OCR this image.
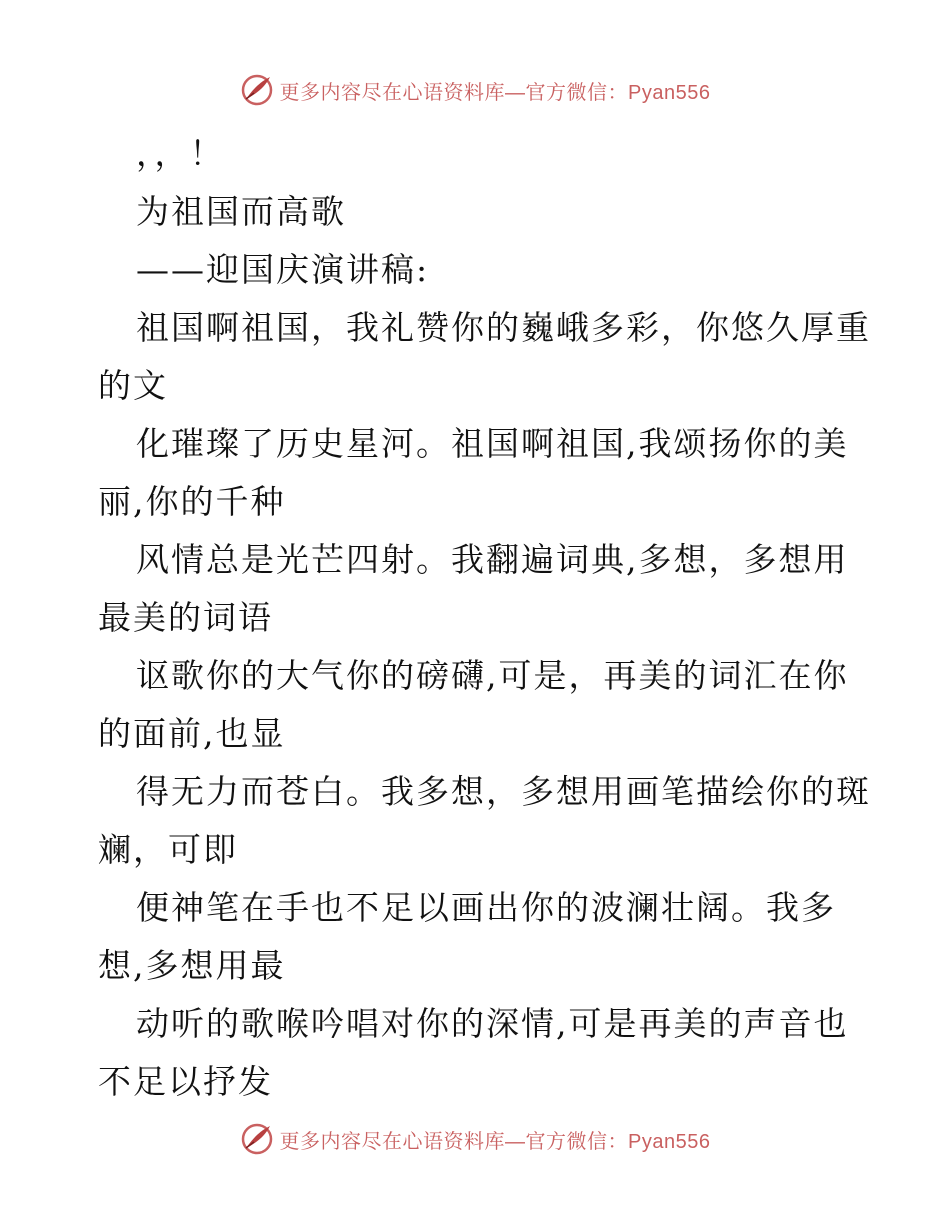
更多内容尽在心语资料库—官方微信：Pyan556
，，！
为祖国而高歌
——迎国庆演讲稿:
祖国啊祖国，我礼赞你的巍峨多彩，你悠久厚重
的文
化璀璨了历史星河。祖国啊祖国,我颂扬你的美
丽,你的千种
风情总是光芒四射。我翻遍词典,多想，多想用
最美的词语
讴歌你的大气你的磅礴,可是，再美的词汇在你
的面前,也显
得无力而苍白。我多想，多想用画笔描绘你的斑
斓，可即
便神笔在手也不足以画出你的波澜壮阔。我多
想,多想用最
动听的歌喉吟唱对你的深情,可是再美的声音也
不足以抒发
更多内容尽在心语资料库—官方微信：Pyan556
